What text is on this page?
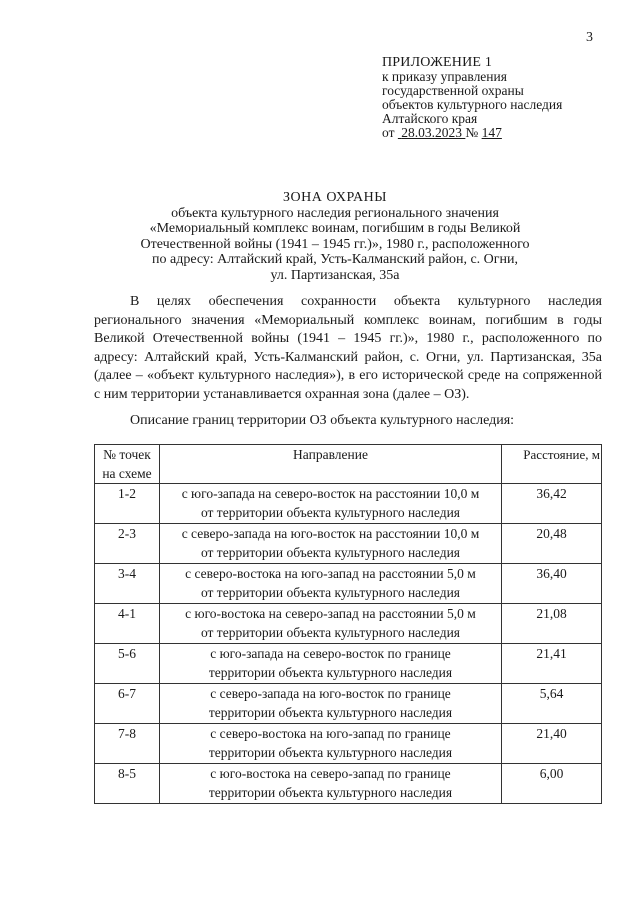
3
ПРИЛОЖЕНИЕ 1
к приказу управления
государственной охраны
объектов культурного наследия
Алтайского края
от 28.03.2023 № 147
ЗОНА ОХРАНЫ
объекта культурного наследия регионального значения
«Мемориальный комплекс воинам, погибшим в годы Великой
Отечественной войны (1941 – 1945 гг.)», 1980 г., расположенного
по адресу: Алтайский край, Усть-Калманский район, с. Огни,
ул. Партизанская, 35а

В целях обеспечения сохранности объекта культурного наследия регионального значения «Мемориальный комплекс воинам, погибшим в годы Великой Отечественной войны (1941 – 1945 гг.)», 1980 г., расположенного по адресу: Алтайский край, Усть-Калманский район, с. Огни, ул. Партизанская, 35а (далее – «объект культурного наследия»), в его исторической среде на сопряженной с ним территории устанавливается охранная зона (далее – ОЗ).

Описание границ территории ОЗ объекта культурного наследия:
№ точек
на схеме	Направление	Расстояние, м
1-2	с юго-запада на северо-восток на расстоянии 10,0 м
от территории объекта культурного наследия	36,42
2-3	с северо-запада на юго-восток на расстоянии 10,0 м
от территории объекта культурного наследия	20,48
3-4	с северо-востока на юго-запад на расстоянии 5,0 м
от территории объекта культурного наследия	36,40
4-1	с юго-востока на северо-запад на расстоянии 5,0 м
от территории объекта культурного наследия	21,08
5-6	с юго-запада на северо-восток по границе
территории объекта культурного наследия	21,41
6-7	с северо-запада на юго-восток по границе
территории объекта культурного наследия	5,64
7-8	с северо-востока на юго-запад по границе
территории объекта культурного наследия	21,40
8-5	с юго-востока на северо-запад по границе
территории объекта культурного наследия	6,00
